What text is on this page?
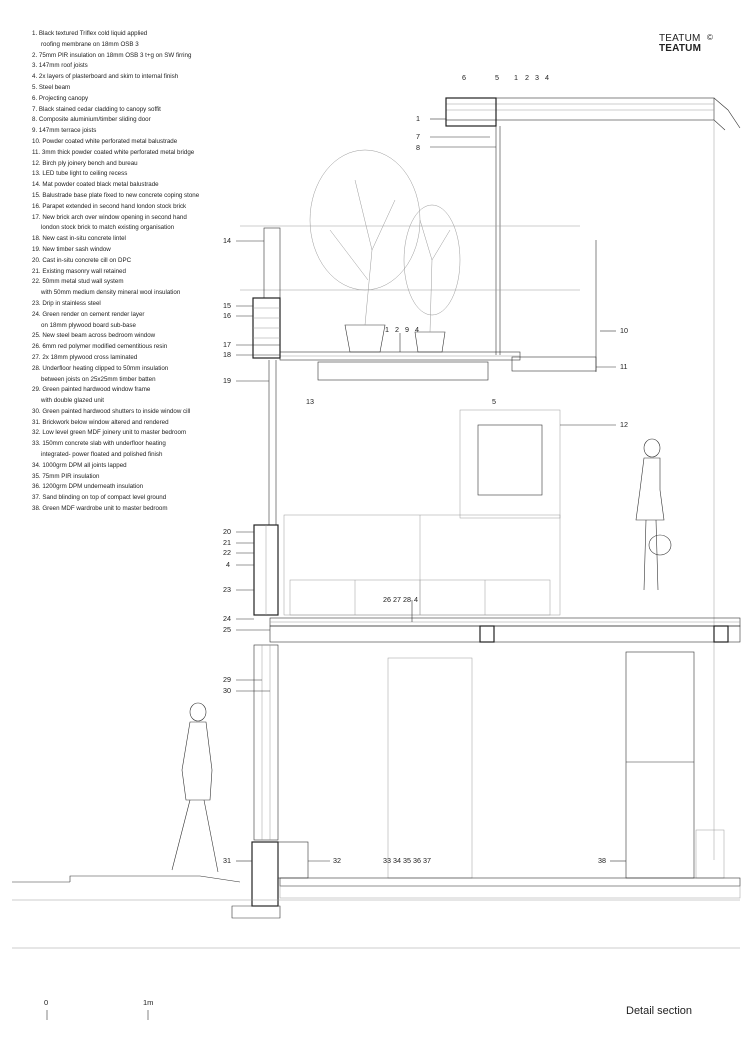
1. Black textured Triflex cold liquid applied
roofing membrane on 18mm OSB 3
2. 75mm PIR insulation on 18mm OSB 3 t+g on SW firring
3. 147mm roof joists
4. 2x layers of plasterboard and skim to internal finish
5. Steel beam
6. Projecting canopy
7. Black stained cedar cladding to canopy soffit
8. Composite aluminium/timber sliding door
9. 147mm terrace joists
10. Powder coated white perforated metal balustrade
11. 3mm thick powder coated white perforated metal bridge
12. Birch ply joinery bench and bureau
13. LED tube light to ceiling recess
14. Mat powder coated black metal balustrade
15. Balustrade base plate fixed to new concrete coping stone
16. Parapet extended in second hand london stock brick
17. New brick arch over window opening in second hand
london stock brick to match existing organisation
18. New cast in-situ concrete lintel
19. New timber sash window
20. Cast in-situ concrete cill on DPC
21. Existing masonry wall retained
22. 50mm metal stud wall system
with 50mm medium density mineral wool insulation
23. Drip in stainless steel
24. Green render on cement render layer
on 18mm plywood board sub-base
25. New steel beam across bedroom window
26. 6mm red polymer modified cementitious resin
27. 2x 18mm plywood cross laminated
28. Underfloor heating clipped to 50mm insulation
between joists on 25x25mm timber batten
29. Green painted hardwood window frame
with double glazed unit
30. Green painted hardwood shutters to inside window cill
31. Brickwork below window altered and rendered
32. Low level green MDF joinery unit to master bedroom
33. 150mm concrete slab with underfloor heating
integrated- power floated and polished finish
34. 1000grm DPM all joints lapped
35. 75mm PIR insulation
36. 1200grm DPM underneath insulation
37. Sand blinding on top of compact level ground
38. Green MDF wardrobe unit to master bedroom
TEATUM
TEATUM
©
6	5 1 2 3 4
1
7
8
1 2 9 4
14
15
16
17
18
19
13
20
21
22
4
23
24
25
29
30
31
10
11
12
32	38
5
26 27 28 4
33 34 35 36 37
0	1m
Detail section
